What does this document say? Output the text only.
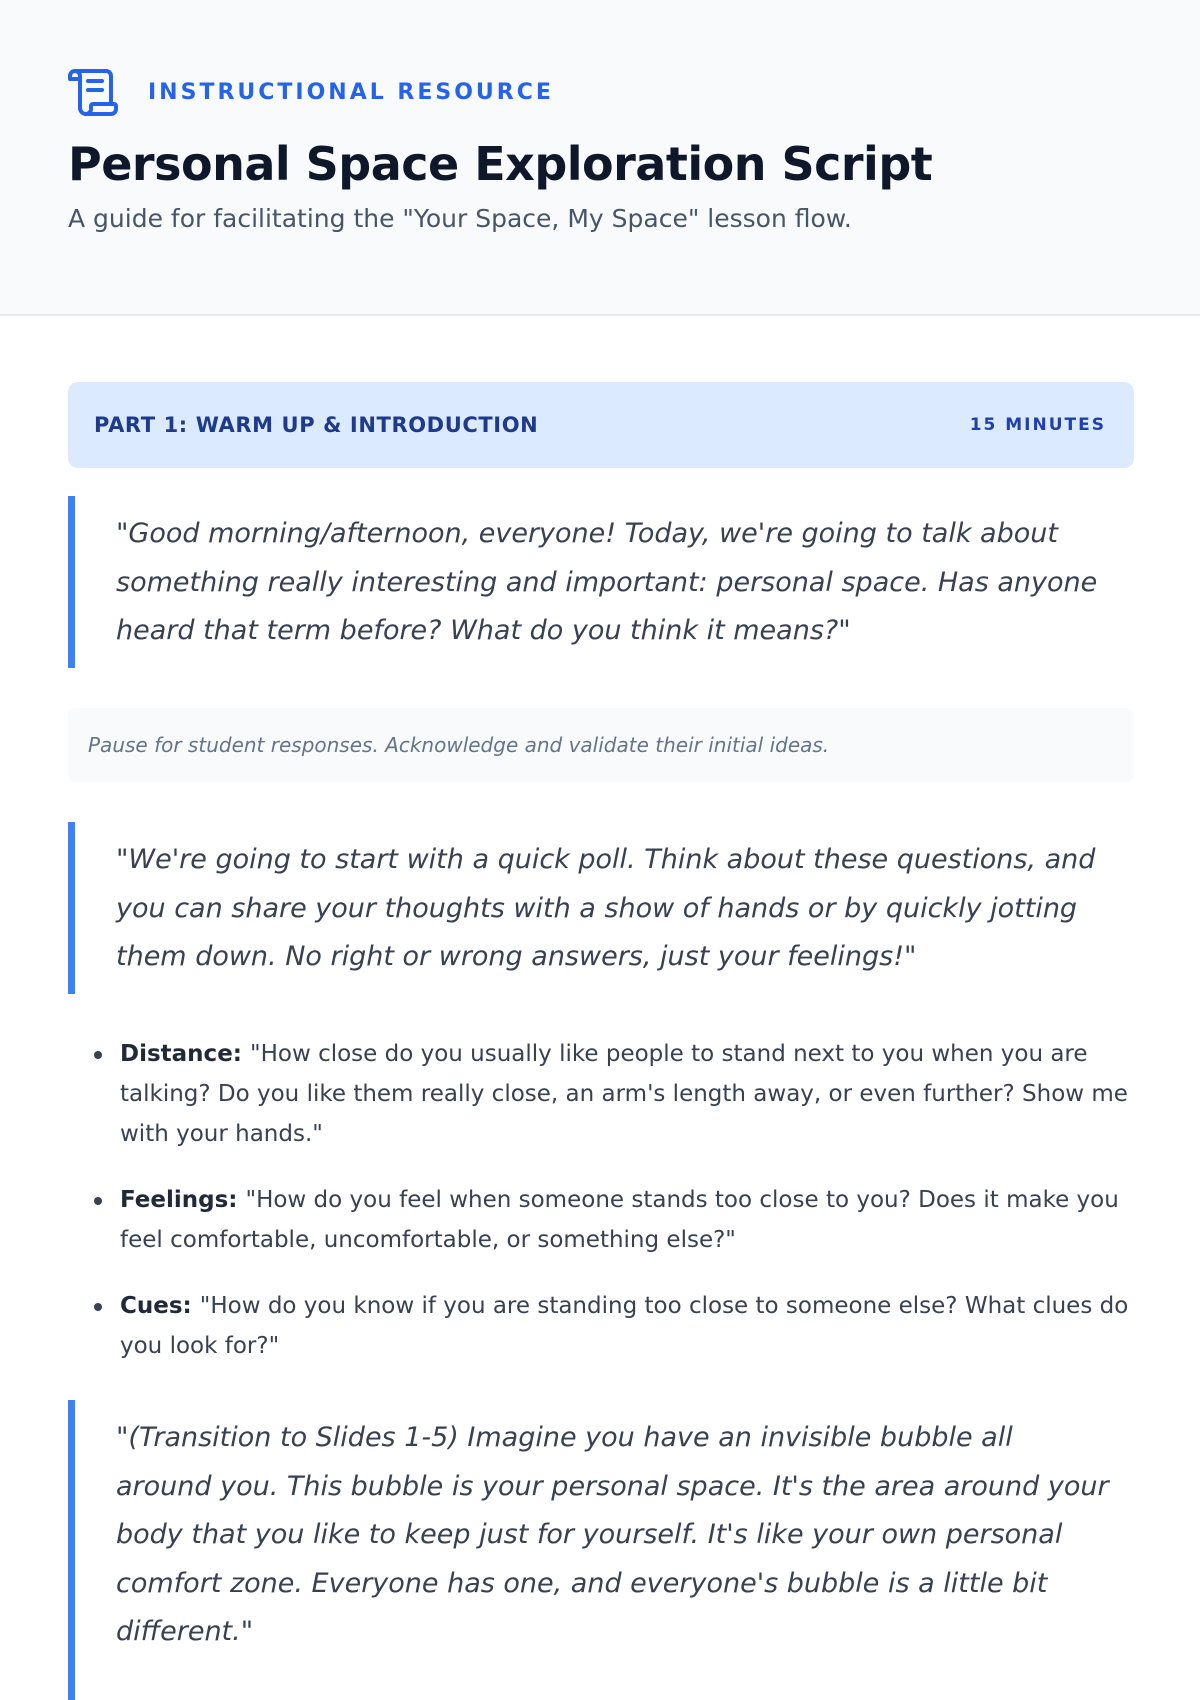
INSTRUCTIONAL RESOURCE
Personal Space Exploration Script

A guide for facilitating the "Your Space, My Space" lesson flow.

PART 1: WARM UP & INTRODUCTION	15 MINUTES
"Good morning/afternoon, everyone! Today, we're going to talk about something really interesting and important: personal space. Has anyone heard that term before? What do you think it means?"
Pause for student responses. Acknowledge and validate their initial ideas.
"We're going to start with a quick poll. Think about these questions, and you can share your thoughts with a show of hands or by quickly jotting them down. No right or wrong answers, just your feelings!"
Distance: "How close do you usually like people to stand next to you when you are talking? Do you like them really close, an arm's length away, or even further? Show me with your hands."
Feelings: "How do you feel when someone stands too close to you? Does it make you feel comfortable, uncomfortable, or something else?"
Cues: "How do you know if you are standing too close to someone else? What clues do you look for?"
"(Transition to Slides 1-5) Imagine you have an invisible bubble all around you. This bubble is your personal space. It's the area around your body that you like to keep just for yourself. It's like your own personal comfort zone. Everyone has one, and everyone's bubble is a little bit different."
